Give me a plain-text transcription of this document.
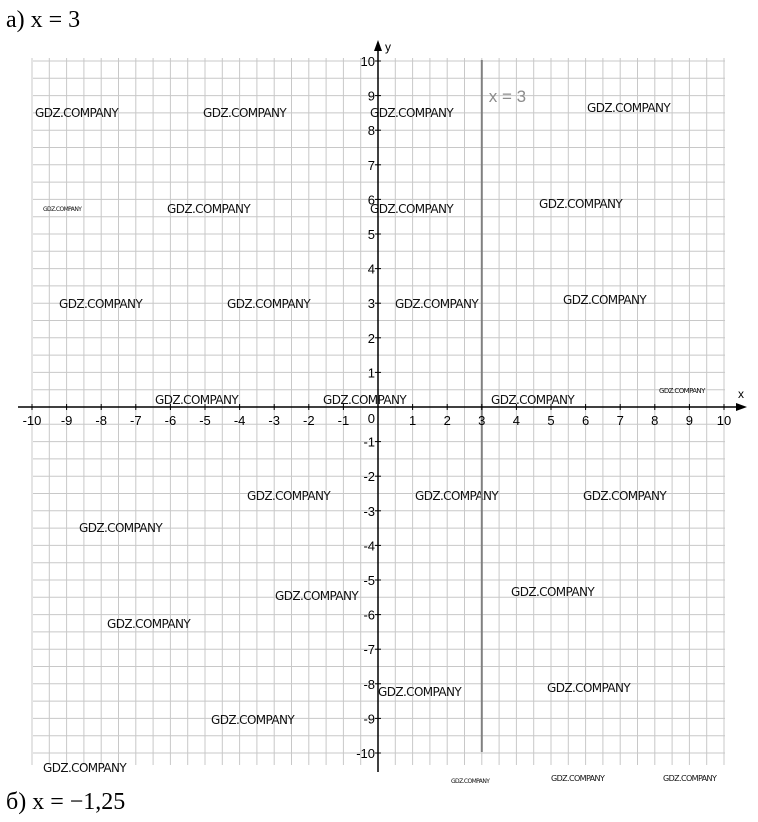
а) x = 3
GDZ.COMPANY	GDZ.COMPANY	GDZ.COMPANY	GDZ.COMPANY
GDZ.COMPANY	GDZ.COMPANY	GDZ.COMPANY	GDZ.COMPANY
GDZ.COMPANY	GDZ.COMPANY	GDZ.COMPANY	GDZ.COMPANY
GDZ.COMPANY	GDZ.COMPANY	GDZ.COMPANY
GDZ.COMPANY
GDZ.COMPANY	GDZ.COMPANY	GDZ.COMPANY
GDZ.COMPANY
GDZ.COMPANY	GDZ.COMPANY
GDZ.COMPANY
GDZ.COMPANY	GDZ.COMPANY
GDZ.COMPANY
GDZ.COMPANY
GDZ.COMPANY	GDZ.COMPANY	GDZ.COMPANY
x = 3
x
y
-10 -9 -8 -7 -6 -5 -4 -3 -2 -1	1 2 3 4 5 6 7 8 9 10
10
9
8
7
6
5
4
3
2
1
-1
-2
-3
-4
-5
-6
-7
-8
-9
-10
0
б) x = −1,25
